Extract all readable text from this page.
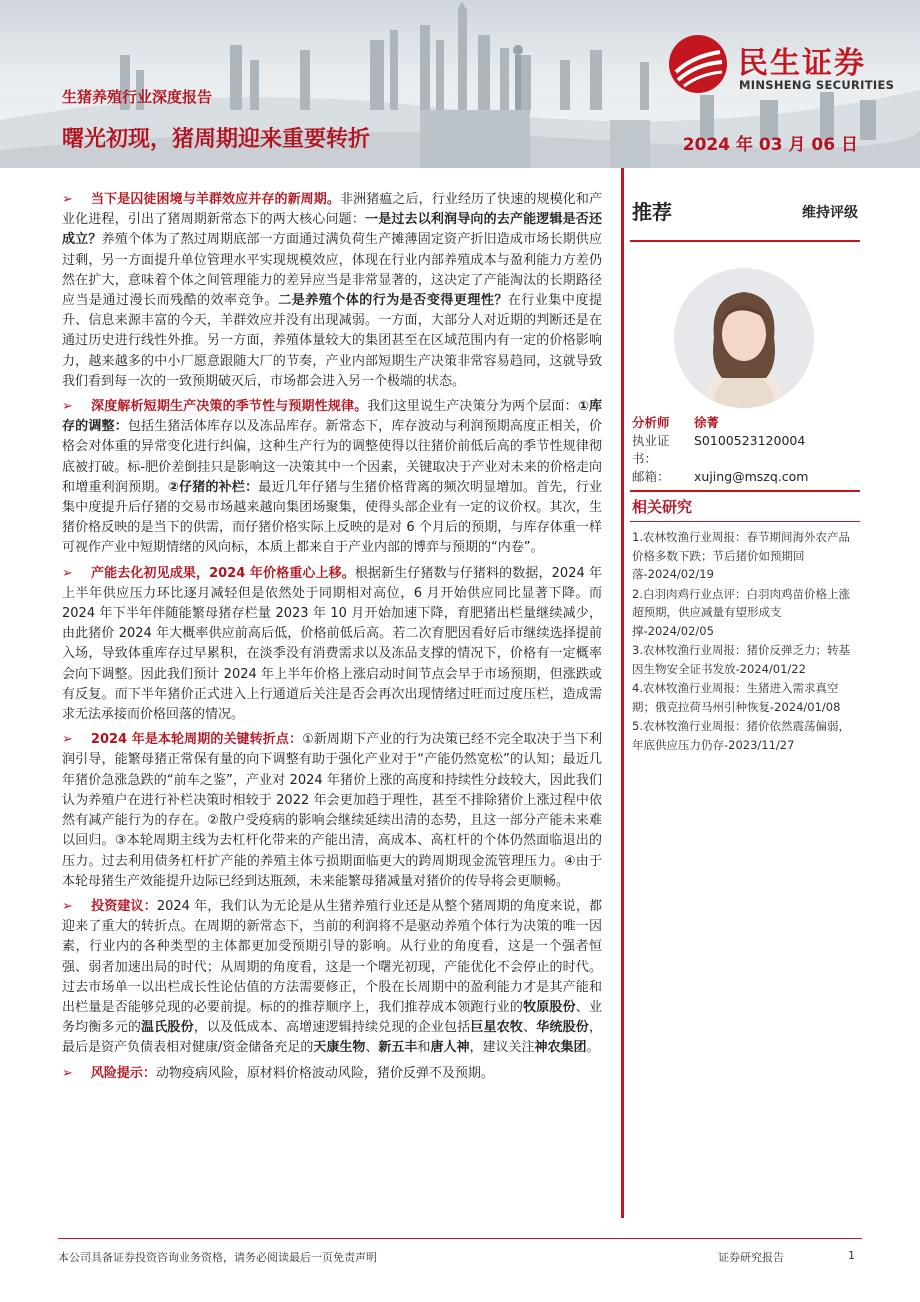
生猪养殖行业深度报告
曙光初现，猪周期迎来重要转折	2024 年 03 月 06 日
民生证券
MINSHENG SECURITIES

➢ 当下是囚徒困境与羊群效应并存的新周期。非洲猪瘟之后，行业经历了快速的规模化和产业化进程，引出了猪周期新常态下的两大核心问题：一是过去以利润导向的去产能逻辑是否还成立？养殖个体为了熬过周期底部一方面通过满负荷生产摊薄固定资产折旧造成市场长期供应过剩，另一方面提升单位管理水平实现规模效应，体现在行业内部养殖成本与盈利能力方差仍然在扩大，意味着个体之间管理能力的差异应当是非常显著的，这决定了产能淘汰的长期路径应当是通过漫长而残酷的效率竞争。二是养殖个体的行为是否变得更理性？在行业集中度提升、信息来源丰富的今天，羊群效应并没有出现减弱。一方面，大部分人对近期的判断还是在通过历史进行线性外推。另一方面，养殖体量较大的集团甚至在区域范围内有一定的价格影响力，越来越多的中小厂愿意跟随大厂的节奏，产业内部短期生产决策非常容易趋同，这就导致我们看到每一次的一致预期破灭后，市场都会进入另一个极端的状态。

➢ 深度解析短期生产决策的季节性与预期性规律。我们这里说生产决策分为两个层面：①库存的调整：包括生猪活体库存以及冻品库存。新常态下，库存波动与利润预期高度正相关，价格会对体重的异常变化进行纠偏，这种生产行为的调整使得以往猪价前低后高的季节性规律彻底被打破。标-肥价差倒挂只是影响这一决策其中一个因素，关键取决于产业对未来的价格走向和增重利润预期。②仔猪的补栏：最近几年仔猪与生猪价格背离的频次明显增加。首先，行业集中度提升后仔猪的交易市场越来越向集团场聚集，使得头部企业有一定的议价权。其次，生猪价格反映的是当下的供需，而仔猪价格实际上反映的是对 6 个月后的预期，与库存体重一样可视作产业中短期情绪的风向标，本质上都来自于产业内部的博弈与预期的“内卷”。

➢ 产能去化初见成果，2024 年价格重心上移。根据新生仔猪数与仔猪料的数据，2024 年上半年供应压力环比逐月减轻但是依然处于同期相对高位，6 月开始供应同比显著下降。而 2024 年下半年伴随能繁母猪存栏量 2023 年 10 月开始加速下降，育肥猪出栏量继续减少，由此猪价 2024 年大概率供应前高后低，价格前低后高。若二次育肥因看好后市继续选择提前入场，导致体重库存过早累积，在淡季没有消费需求以及冻品支撑的情况下，价格有一定概率会向下调整。因此我们预计 2024 年上半年价格上涨启动时间节点会早于市场预期，但涨跌或有反复。而下半年猪价正式进入上行通道后关注是否会再次出现情绪过旺而过度压栏，造成需求无法承接而价格回落的情况。

➢ 2024 年是本轮周期的关键转折点：①新周期下产业的行为决策已经不完全取决于当下利润引导，能繁母猪正常保有量的向下调整有助于强化产业对于“产能仍然宽松”的认知；最近几年猪价急涨急跌的“前车之鉴”，产业对 2024 年猪价上涨的高度和持续性分歧较大，因此我们认为养殖户在进行补栏决策时相较于 2022 年会更加趋于理性，甚至不排除猪价上涨过程中依然有减产能行为的存在。②散户受疫病的影响会继续延续出清的态势，且这一部分产能未来难以回归。③本轮周期主线为去杠杆化带来的产能出清，高成本、高杠杆的个体仍然面临退出的压力。过去利用债务杠杆扩产能的养殖主体亏损期面临更大的跨周期现金流管理压力。④由于本轮母猪生产效能提升边际已经到达瓶颈，未来能繁母猪减量对猪价的传导将会更顺畅。

➢ 投资建议：2024 年，我们认为无论是从生猪养殖行业还是从整个猪周期的角度来说，都迎来了重大的转折点。在周期的新常态下，当前的利润将不是驱动养殖个体行为决策的唯一因素，行业内的各种类型的主体都更加受预期引导的影响。从行业的角度看，这是一个强者恒强、弱者加速出局的时代；从周期的角度看，这是一个曙光初现，产能优化不会停止的时代。过去市场单一以出栏成长性论估值的方法需要修正，个股在长周期中的盈利能力才是其产能和出栏量是否能够兑现的必要前提。标的的推荐顺序上，我们推荐成本领跑行业的牧原股份、业务均衡多元的温氏股份，以及低成本、高增速逻辑持续兑现的企业包括巨星农牧、华统股份，最后是资产负债表相对健康/资金储备充足的天康生物、新五丰和唐人神，建议关注神农集团。

➢ 风险提示：动物疫病风险，原材料价格波动风险，猪价反弹不及预期。

推荐	维持评级
分析师	徐菁
执业证书：
S0100523120004
邮箱：	xujing@mszq.com
相关研究
1.农林牧渔行业周报：春节期间海外农产品价格多数下跌；节后猪价如预期回落-2024/02/19
2.白羽肉鸡行业点评：白羽肉鸡苗价格上涨超预期，供应减量有望形成支撑-2024/02/05
3.农林牧渔行业周报：猪价反弹乏力；转基因生物安全证书发放-2024/01/22
4.农林牧渔行业周报：生猪进入需求真空期；俄克拉荷马州引种恢复-2024/01/08
5.农林牧渔行业周报：猪价依然震荡偏弱，年底供应压力仍存-2023/11/27
本公司具备证券投资咨询业务资格，请务必阅读最后一页免责声明	证券研究报告	1
